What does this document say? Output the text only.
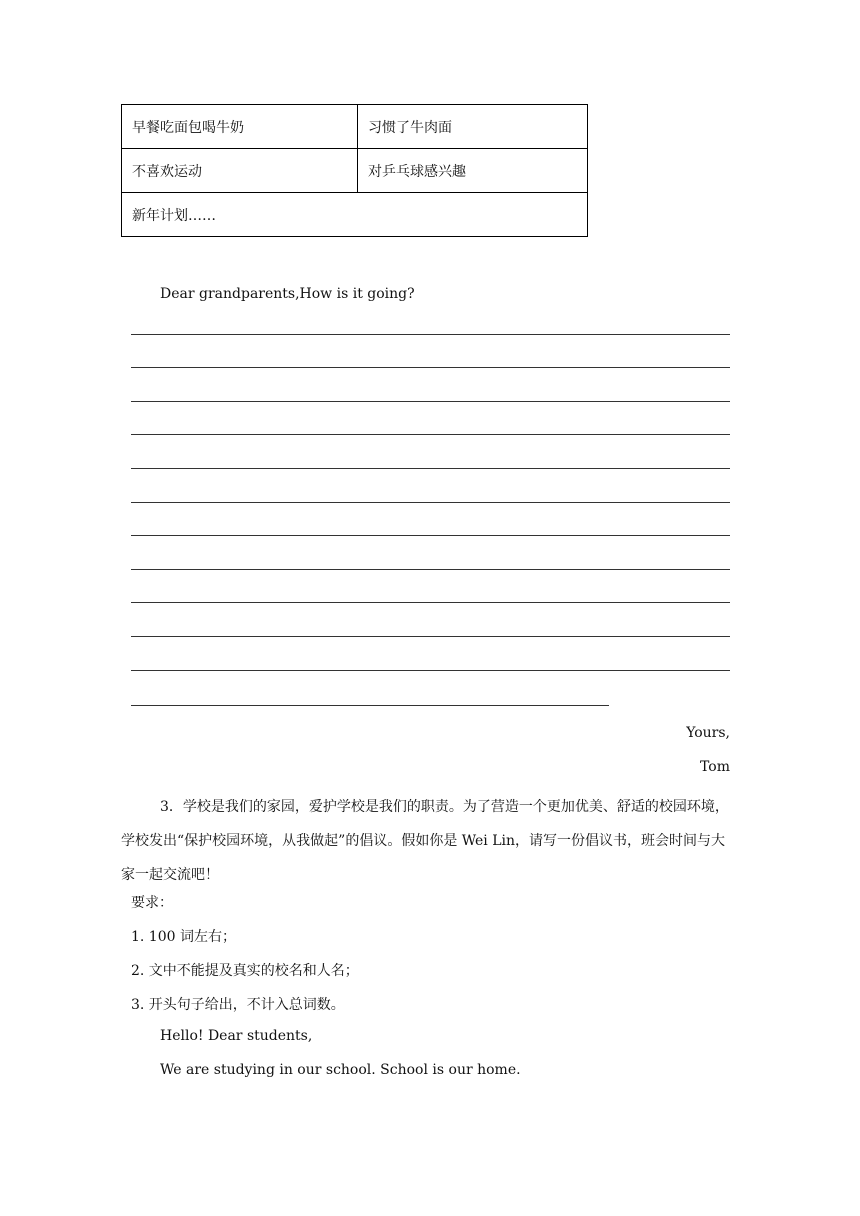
早餐吃面包喝牛奶	习惯了牛肉面
不喜欢运动	对乒乓球感兴趣
新年计划……	
Dear grandparents,How is it going?
Yours,
Tom
3．学校是我们的家园，爱护学校是我们的职责。为了营造一个更加优美、舒适的校园环境，学校发出“保护校园环境，从我做起”的倡议。假如你是 Wei Lin，请写一份倡议书，班会时间与大家一起交流吧！
要求：
1. 100 词左右；
2. 文中不能提及真实的校名和人名；
3. 开头句子给出，不计入总词数。
Hello! Dear students,
We are studying in our school. School is our home.
